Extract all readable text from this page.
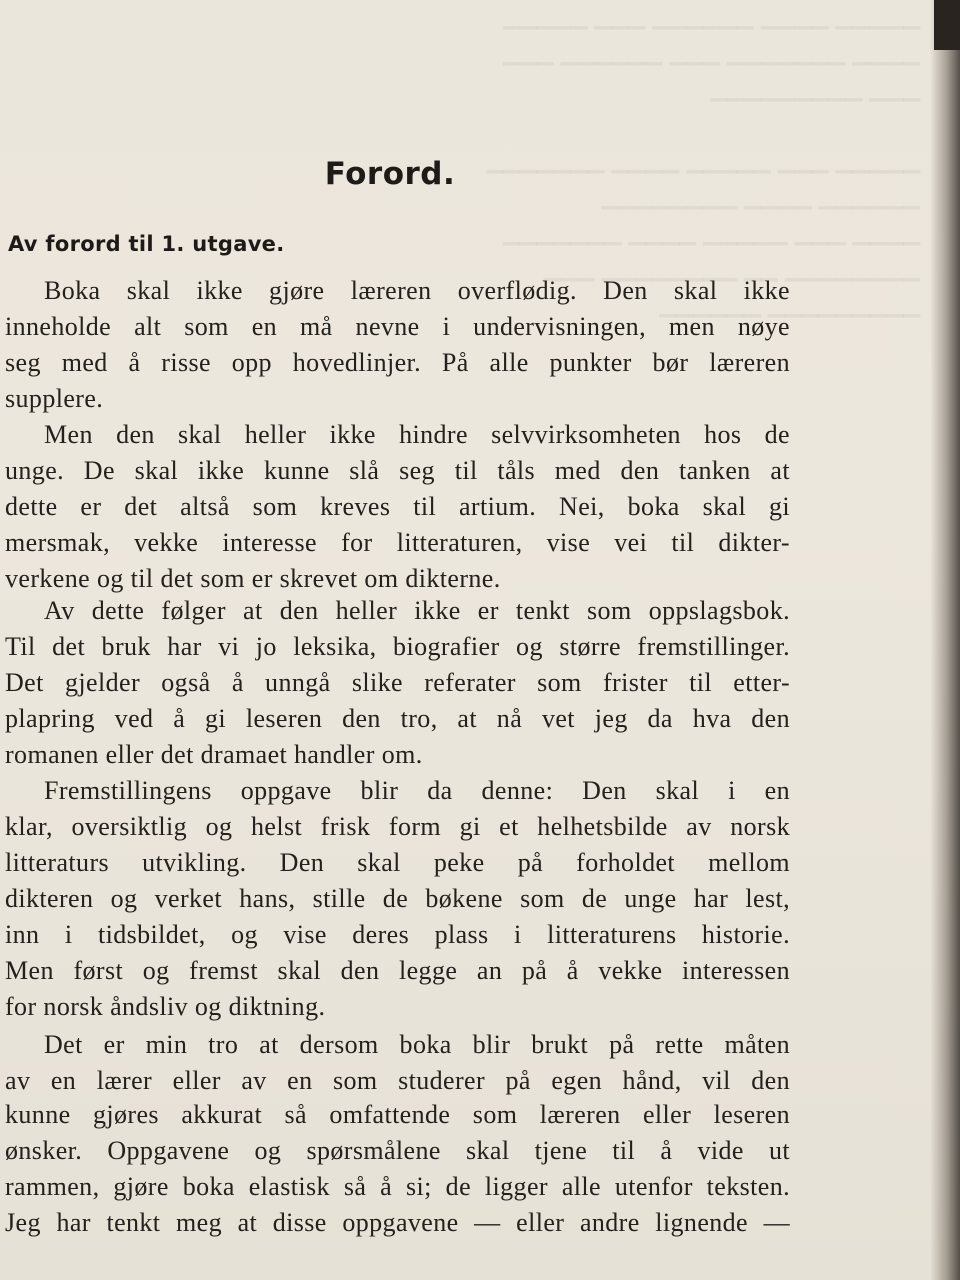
▁▁▁▁▁ ▁▁▁▁ ▁▁▁▁▁▁ ▁▁▁ ▁▁▁▁▁
▁▁▁▁ ▁▁▁▁▁▁▁ ▁▁▁ ▁▁▁▁▁▁ ▁▁▁
▁▁▁ ▁▁▁▁▁▁▁▁▁

▁▁▁▁▁ ▁▁▁ ▁▁▁▁▁ ▁▁▁▁ ▁▁▁▁▁▁▁
▁▁▁▁▁▁ ▁▁▁▁ ▁▁▁▁▁▁▁▁
▁▁▁▁ ▁▁▁ ▁▁▁▁▁ ▁▁▁▁ ▁▁▁▁▁▁▁
▁▁▁▁▁▁▁▁ ▁▁ ▁▁▁▁▁▁▁▁ ▁▁▁
▁▁▁▁▁▁▁▁▁ ▁▁▁▁▁▁

Forord.
Av forord til 1. utgave.
Boka skal ikke gjøre læreren overflødig. Den skal ikke
inneholde alt som en må nevne i undervisningen, men nøye
seg med å risse opp hovedlinjer. På alle punkter bør læreren
supplere.
Men den skal heller ikke hindre selvvirksomheten hos de
unge. De skal ikke kunne slå seg til tåls med den tanken at
dette er det altså som kreves til artium. Nei, boka skal gi
mersmak, vekke interesse for litteraturen, vise vei til dikter-
verkene og til det som er skrevet om dikterne.
Av dette følger at den heller ikke er tenkt som oppslagsbok.
Til det bruk har vi jo leksika, biografier og større fremstillinger.
Det gjelder også å unngå slike referater som frister til etter-
plapring ved å gi leseren den tro, at nå vet jeg da hva den
romanen eller det dramaet handler om.
Fremstillingens oppgave blir da denne: Den skal i en
klar, oversiktlig og helst frisk form gi et helhetsbilde av norsk
litteraturs utvikling. Den skal peke på forholdet mellom
dikteren og verket hans, stille de bøkene som de unge har lest,
inn i tidsbildet, og vise deres plass i litteraturens historie.
Men først og fremst skal den legge an på å vekke interessen
for norsk åndsliv og diktning.
Det er min tro at dersom boka blir brukt på rette måten
av en lærer eller av en som studerer på egen hånd, vil den
kunne gjøres akkurat så omfattende som læreren eller leseren
ønsker. Oppgavene og spørsmålene skal tjene til å vide ut
rammen, gjøre boka elastisk så å si; de ligger alle utenfor teksten.
Jeg har tenkt meg at disse oppgavene — eller andre lignende —
